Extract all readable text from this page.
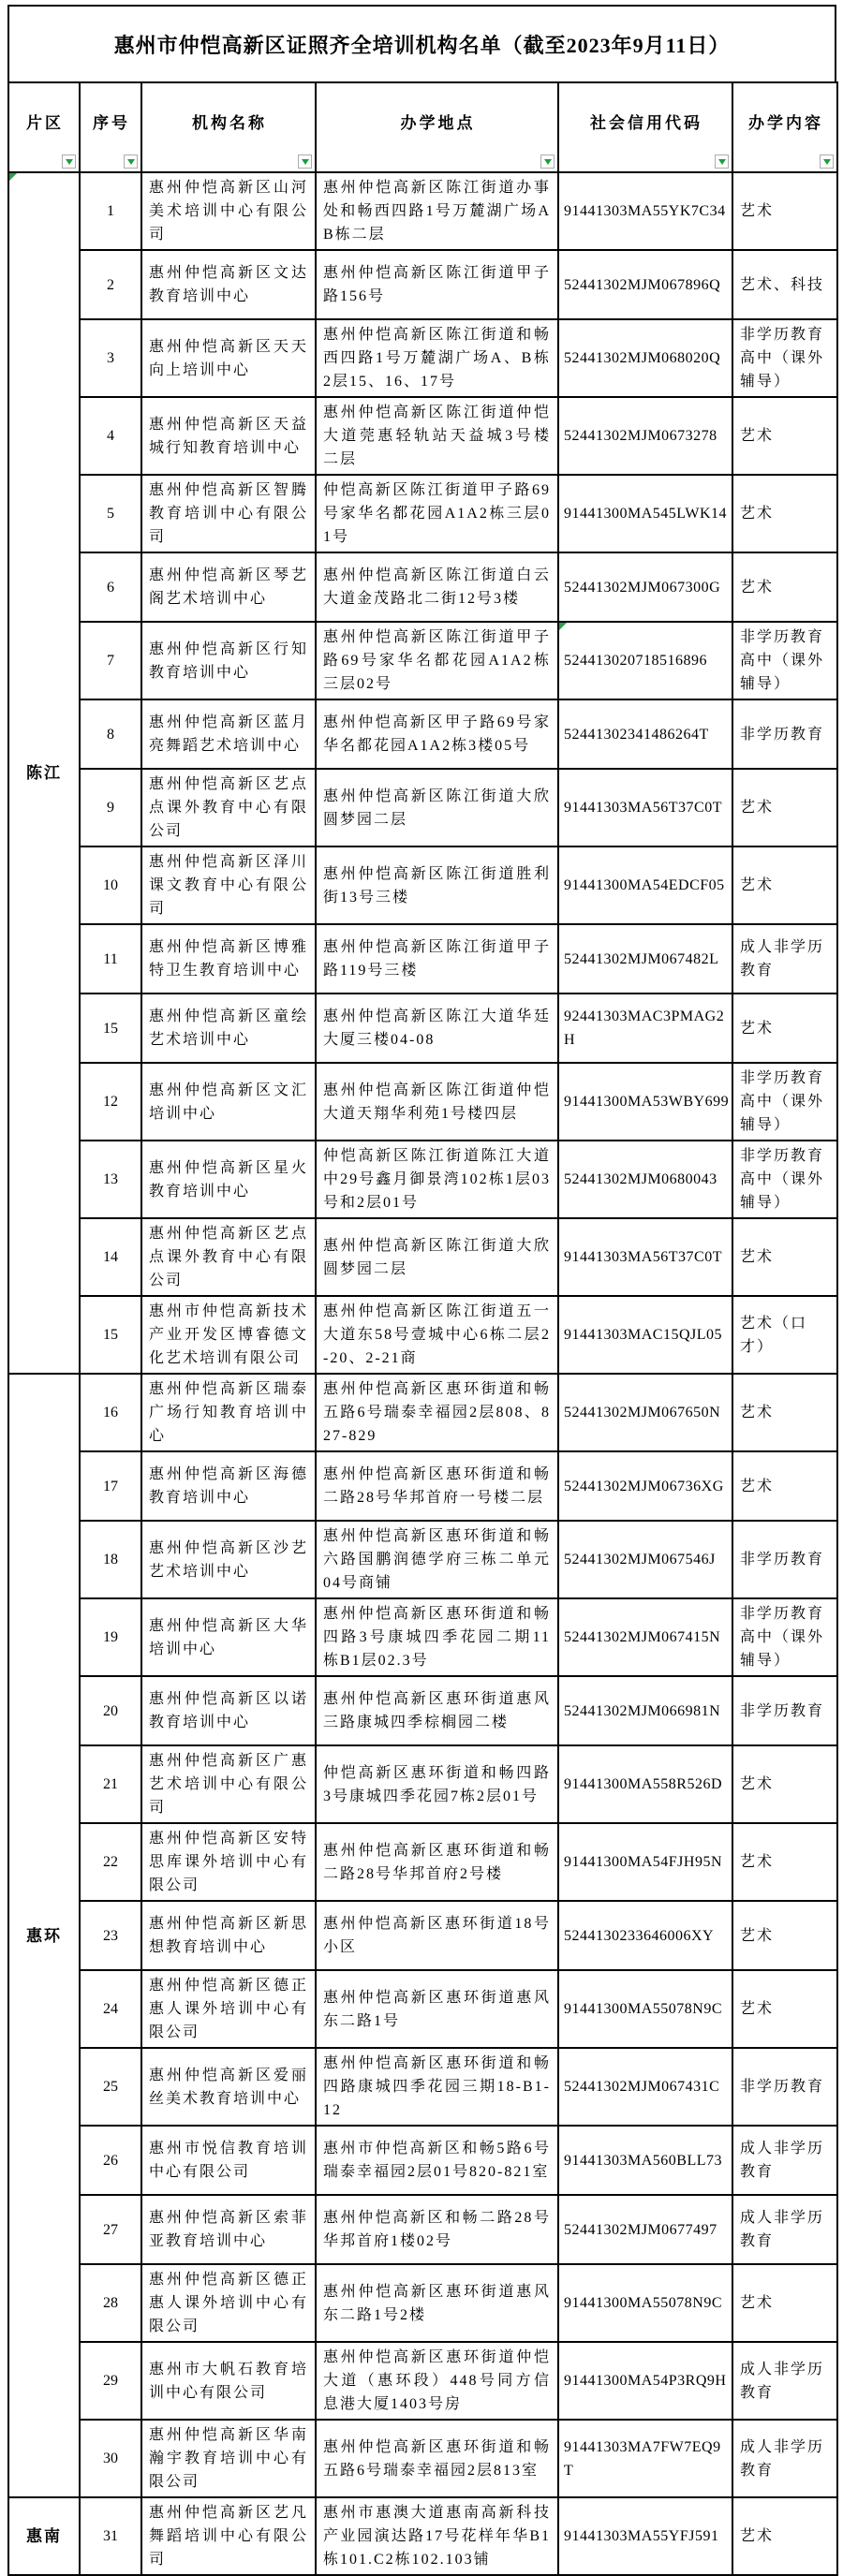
惠州市仲恺高新区证照齐全培训机构名单（截至2023年9月11日）
片区	序号	机构名称	办学地点	社会信用代码	办学内容

陈江	1	惠州仲恺高新区山河美术培训中心有限公司	惠州仲恺高新区陈江街道办事处和畅西四路1号万麓湖广场AB栋二层	91441303MA55YK7C34	艺术
	2	惠州仲恺高新区文达教育培训中心	惠州仲恺高新区陈江街道甲子路156号	52441302MJM067896Q	艺术、科技
	3	惠州仲恺高新区天天向上培训中心	惠州仲恺高新区陈江街道和畅西四路1号万麓湖广场A、B栋2层15、16、17号	52441302MJM068020Q	非学历教育高中（课外辅导）
	4	惠州仲恺高新区天益城行知教育培训中心	惠州仲恺高新区陈江街道仲恺大道莞惠轻轨站天益城3号楼二层	52441302MJM0673278	艺术
	5	惠州仲恺高新区智腾教育培训中心有限公司	仲恺高新区陈江街道甲子路69号家华名都花园A1A2栋三层01号	91441300MA545LWK14	艺术
	6	惠州仲恺高新区琴艺阁艺术培训中心	惠州仲恺高新区陈江街道白云大道金茂路北二街12号3楼	52441302MJM067300G	艺术
	7	惠州仲恺高新区行知教育培训中心	惠州仲恺高新区陈江街道甲子路69号家华名都花园A1A2栋三层02号	524413020718516896	非学历教育高中（课外辅导）
	8	惠州仲恺高新区蓝月亮舞蹈艺术培训中心	惠州仲恺高新区甲子路69号家华名都花园A1A2栋3楼05号	52441302341486264T	非学历教育
	9	惠州仲恺高新区艺点点课外教育中心有限公司	惠州仲恺高新区陈江街道大欣圆梦园二层	91441303MA56T37C0T	艺术
	10	惠州仲恺高新区泽川课文教育中心有限公司	惠州仲恺高新区陈江街道胜利街13号三楼	91441300MA54EDCF05	艺术
	11	惠州仲恺高新区博雅特卫生教育培训中心	惠州仲恺高新区陈江街道甲子路119号三楼	52441302MJM067482L	成人非学历教育
	15	惠州仲恺高新区童绘艺术培训中心	惠州仲恺高新区陈江大道华廷大厦三楼04-08	92441303MAC3PMAG2H	艺术
	12	惠州仲恺高新区文汇培训中心	惠州仲恺高新区陈江街道仲恺大道天翔华利苑1号楼四层	91441300MA53WBY699	非学历教育高中（课外辅导）
	13	惠州仲恺高新区星火教育培训中心	仲恺高新区陈江街道陈江大道中29号鑫月御景湾102栋1层03号和2层01号	52441302MJM0680043	非学历教育高中（课外辅导）
	14	惠州仲恺高新区艺点点课外教育中心有限公司	惠州仲恺高新区陈江街道大欣圆梦园二层	91441303MA56T37C0T	艺术
	15	惠州市仲恺高新技术产业开发区博睿德文化艺术培训有限公司	惠州仲恺高新区陈江街道五一大道东58号壹城中心6栋二层2-20、2-21商	91441303MAC15QJL05	艺术（口才）
惠环	16	惠州仲恺高新区瑞泰广场行知教育培训中心	惠州仲恺高新区惠环街道和畅五路6号瑞泰幸福园2层808、827-829	52441302MJM067650N	艺术
	17	惠州仲恺高新区海德教育培训中心	惠州仲恺高新区惠环街道和畅二路28号华邦首府一号楼二层	52441302MJM06736XG	艺术
	18	惠州仲恺高新区沙艺艺术培训中心	惠州仲恺高新区惠环街道和畅六路国鹏润德学府三栋二单元04号商铺	52441302MJM067546J	非学历教育
	19	惠州仲恺高新区大华培训中心	惠州仲恺高新区惠环街道和畅四路3号康城四季花园二期11栋B1层02.3号	52441302MJM067415N	非学历教育高中（课外辅导）
	20	惠州仲恺高新区以诺教育培训中心	惠州仲恺高新区惠环街道惠风三路康城四季棕榈园二楼	52441302MJM066981N	非学历教育
	21	惠州仲恺高新区广惠艺术培训中心有限公司	仲恺高新区惠环街道和畅四路3号康城四季花园7栋2层01号	91441300MA558R526D	艺术
	22	惠州仲恺高新区安特思库课外培训中心有限公司	惠州仲恺高新区惠环街道和畅二路28号华邦首府2号楼	91441300MA54FJH95N	艺术
	23	惠州仲恺高新区新思想教育培训中心	惠州仲恺高新区惠环街道18号小区	5244130233646006XY	艺术
	24	惠州仲恺高新区德正惠人课外培训中心有限公司	惠州仲恺高新区惠环街道惠风东二路1号	91441300MA55078N9C	艺术
	25	惠州仲恺高新区爱丽丝美术教育培训中心	惠州仲恺高新区惠环街道和畅四路康城四季花园三期18-B1-12	52441302MJM067431C	非学历教育
	26	惠州市悦信教育培训中心有限公司	惠州市仲恺高新区和畅5路6号瑞泰幸福园2层01号820-821室	91441303MA560BLL73	成人非学历教育
	27	惠州仲恺高新区索菲亚教育培训中心	惠州仲恺高新区和畅二路28号华邦首府1楼02号	52441302MJM0677497	成人非学历教育
	28	惠州仲恺高新区德正惠人课外培训中心有限公司	惠州仲恺高新区惠环街道惠风东二路1号2楼	91441300MA55078N9C	艺术
	29	惠州市大帆石教育培训中心有限公司	惠州仲恺高新区惠环街道仲恺大道（惠环段）448号同方信息港大厦1403号房	91441300MA54P3RQ9H	成人非学历教育
	30	惠州仲恺高新区华南瀚宇教育培训中心有限公司	惠州仲恺高新区惠环街道和畅五路6号瑞泰幸福园2层813室	91441303MA7FW7EQ9T	成人非学历教育
惠南	31	惠州仲恺高新区艺凡舞蹈培训中心有限公司	惠州市惠澳大道惠南高新科技产业园演达路17号花样年华B1栋101.C2栋102.103铺	91441303MA55YFJ591	艺术
